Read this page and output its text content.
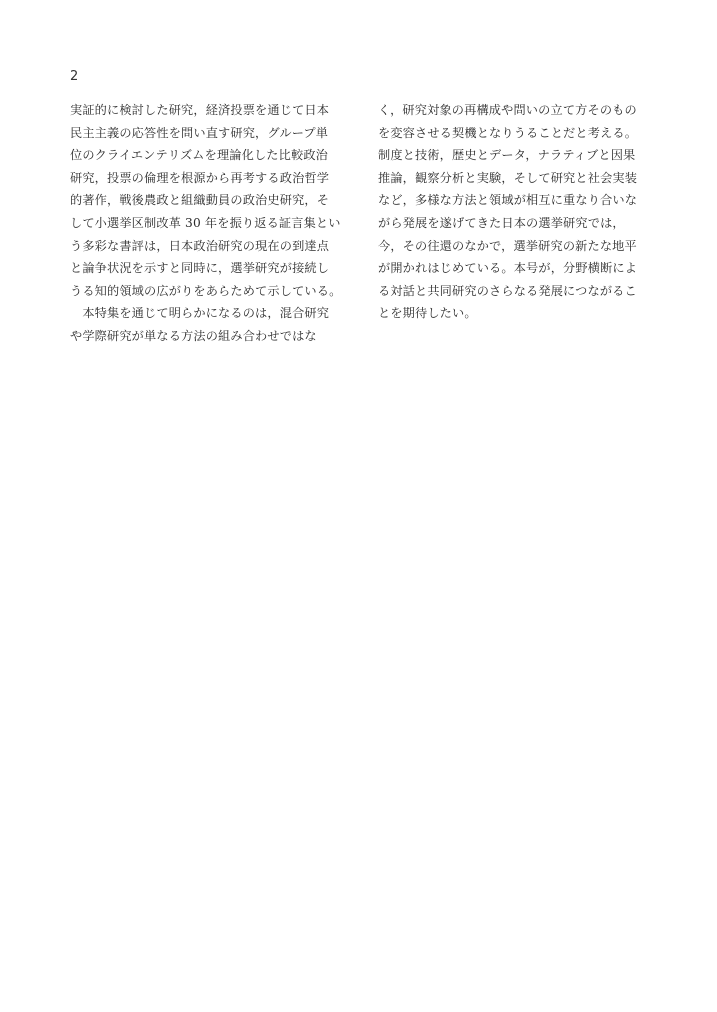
2
実証的に検討した研究，経済投票を通じて日本
民主主義の応答性を問い直す研究，グループ単
位のクライエンテリズムを理論化した比較政治
研究，投票の倫理を根源から再考する政治哲学
的著作，戦後農政と組織動員の政治史研究，そ
して小選挙区制改革 30 年を振り返る証言集とい
う多彩な書評は，日本政治研究の現在の到達点
と論争状況を示すと同時に，選挙研究が接続し
うる知的領域の広がりをあらためて示している。
　本特集を通じて明らかになるのは，混合研究
や学際研究が単なる方法の組み合わせではな
く，研究対象の再構成や問いの立て方そのもの
を変容させる契機となりうることだと考える。
制度と技術，歴史とデータ，ナラティブと因果
推論，観察分析と実験，そして研究と社会実装
など，多様な方法と領域が相互に重なり合いな
がら発展を遂げてきた日本の選挙研究では，
今，その往還のなかで，選挙研究の新たな地平
が開かれはじめている。本号が，分野横断によ
る対話と共同研究のさらなる発展につながるこ
とを期待したい。
